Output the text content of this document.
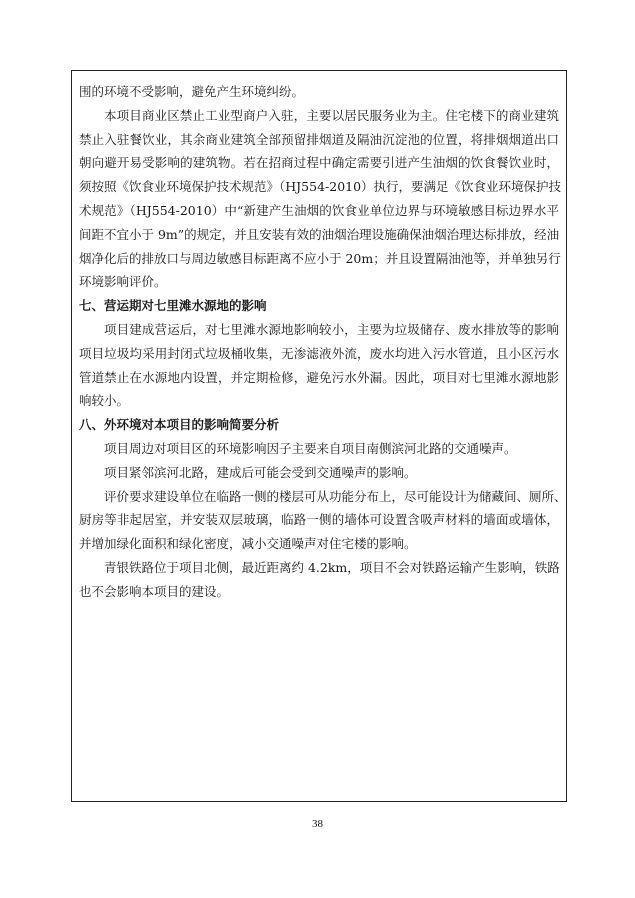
围的环境不受影响，避免产生环境纠纷。
本项目商业区禁止工业型商户入驻，主要以居民服务业为主。住宅楼下的商业建筑
禁止入驻餐饮业，其余商业建筑全部预留排烟道及隔油沉淀池的位置，将排烟烟道出口
朝向避开易受影响的建筑物。若在招商过程中确定需要引进产生油烟的饮食餐饮业时，
须按照《饮食业环境保护技术规范》（HJ554-2010）执行，要满足《饮食业环境保护技
术规范》（HJ554-2010）中“新建产生油烟的饮食业单位边界与环境敏感目标边界水平
间距不宜小于 9m”的规定，并且安装有效的油烟治理设施确保油烟治理达标排放，经油
烟净化后的排放口与周边敏感目标距离不应小于 20m；并且设置隔油池等，并单独另行
环境影响评价。
七、营运期对七里滩水源地的影响
项目建成营运后，对七里滩水源地影响较小，主要为垃圾储存、废水排放等的影响
项目垃圾均采用封闭式垃圾桶收集，无渗滤液外流，废水均进入污水管道，且小区污水
管道禁止在水源地内设置，并定期检修，避免污水外漏。因此，项目对七里滩水源地影
响较小。
八、外环境对本项目的影响简要分析
项目周边对项目区的环境影响因子主要来自项目南侧滨河北路的交通噪声。
项目紧邻滨河北路，建成后可能会受到交通噪声的影响。
评价要求建设单位在临路一侧的楼层可从功能分布上，尽可能设计为储藏间、厕所、
厨房等非起居室，并安装双层玻璃，临路一侧的墙体可设置含吸声材料的墙面或墙体，
并增加绿化面积和绿化密度，减小交通噪声对住宅楼的影响。
青银铁路位于项目北侧，最近距离约 4.2km，项目不会对铁路运输产生影响，铁路
也不会影响本项目的建设。
38
